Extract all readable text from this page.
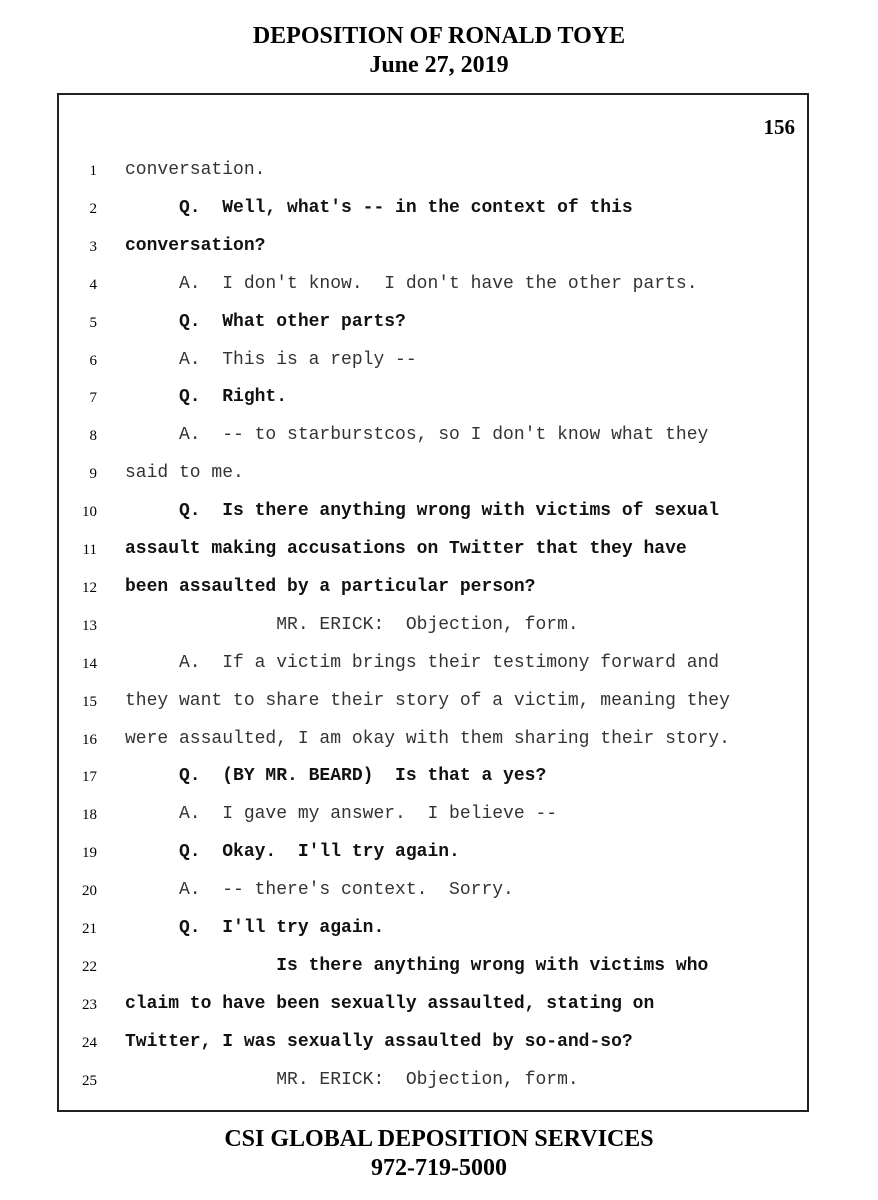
DEPOSITION OF RONALD TOYE
June 27, 2019
156
1 conversation.
2 Q.  Well, what's -- in the context of this
3 conversation?
4 A.  I don't know.  I don't have the other parts.
5 Q.  What other parts?
6 A.  This is a reply --
7 Q.  Right.
8 A.  -- to starburstcos, so I don't know what they
9 said to me.
10 Q.  Is there anything wrong with victims of sexual
11 assault making accusations on Twitter that they have
12 been assaulted by a particular person?
13 MR. ERICK:  Objection, form.
14 A.  If a victim brings their testimony forward and
15 they want to share their story of a victim, meaning they
16 were assaulted, I am okay with them sharing their story.
17 Q.  (BY MR. BEARD)  Is that a yes?
18 A.  I gave my answer.  I believe --
19 Q.  Okay.  I'll try again.
20 A.  -- there's context.  Sorry.
21 Q.  I'll try again.
22 Is there anything wrong with victims who
23 claim to have been sexually assaulted, stating on
24 Twitter, I was sexually assaulted by so-and-so?
25 MR. ERICK:  Objection, form.
CSI GLOBAL DEPOSITION SERVICES
972-719-5000
